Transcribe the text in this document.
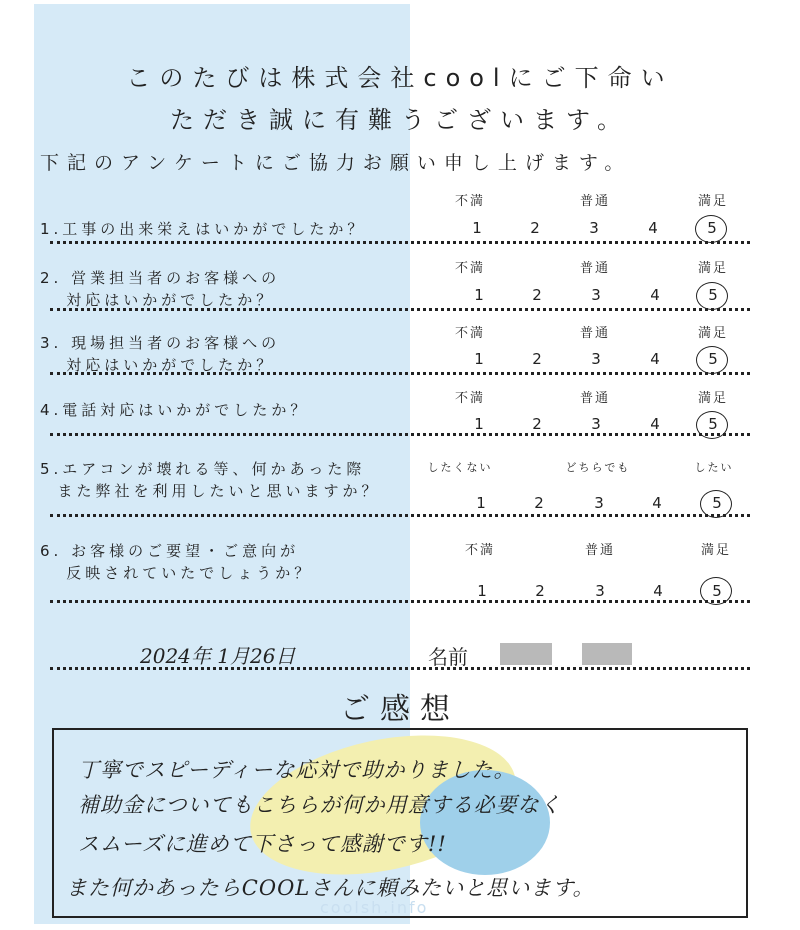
coolsh.info
このたびは株式会社coolにご下命い
ただき誠に有難うございます。
下記のアンケートにご協力お願い申し上げます。
1.工事の出来栄えはいかがでしたか？
不満	普通	満足
1	2	3	4	5
2. 営業担当者のお客様への
対応はいかがでしたか？
不満	普通	満足
1	2	3	4	5
3. 現場担当者のお客様への
対応はいかがでしたか？
不満	普通	満足
1	2	3	4	5
4.電話対応はいかがでしたか？
不満	普通	満足
1	2	3	4	5
5.エアコンが壊れる等、何かあった際
また弊社を利用したいと思いますか？
したくない	どちらでも	したい
1	2	3	4	5
6. お客様のご要望・ご意向が
反映されていたでしょうか？
不満	普通	満足
1	2	3	4	5
2024年 1月26日	名前
ご感想
丁寧でスピーディーな応対で助かりました。
補助金についてもこちらが何か用意する必要なく
スムーズに進めて下さって感謝です!!
また何かあったらCOOLさんに頼みたいと思います。
